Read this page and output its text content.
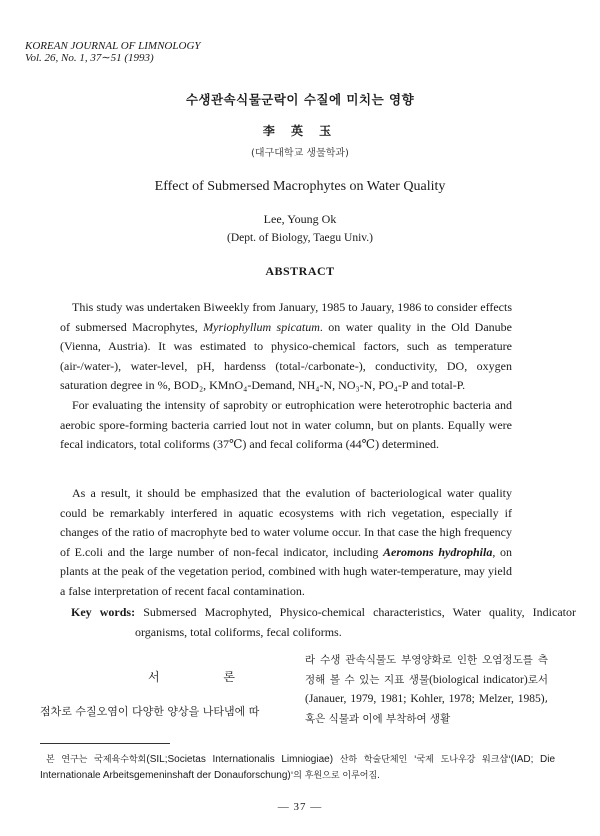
KOREAN JOURNAL OF LIMNOLOGY
Vol. 26, No. 1, 37∼51 (1993)
수생관속식물군락이 수질에 미치는 영향
李 英 玉
(대구대학교 생물학과)
Effect of Submersed Macrophytes on Water Quality
Lee, Young Ok
(Dept. of Biology, Taegu Univ.)
ABSTRACT

This study was undertaken Biweekly from January, 1985 to Jauary, 1986 to consider effects of submersed Macrophytes, Myriophyllum spicatum. on water quality in the Old Danube (Vienna, Austria). It was estimated to physico-chemical factors, such as temperature (air-/water-), water-level, pH, hardenss (total-/carbonate-), conductivity, DO, oxygen saturation degree in %, BOD₂, KMnO₄-Demand, NH₄-N, NO₃-N, PO₄-P and total-P.

For evaluating the intensity of saprobity or eutrophication were heterotrophic bacteria and aerobic spore-forming bacteria carried lout not in water column, but on plants. Equally were fecal indicators, total coliforms (37℃) and fecal coliforma (44℃) determined.

As a result, it should be emphasized that the evalution of bacteriological water quality could be remarkably interfered in aquatic ecosystems with rich vegetation, especially if changes of the ratio of macrophyte bed to water volume occur. In that case the high frequency of E.coli and the large number of non-fecal indicator, including Aeromons hydrophila, on plants at the peak of the vegetation period, combined with hugh water-temperature, may yield a false interpretation of recent facal contamination.

Key words: Submersed Macrophyted, Physico-chemical characteristics, Water quality, Indicator organisms, total coliforms, fecal coliforms.
서 론
점차로 수질오염이 다양한 양상을 나타냄에 따
라 수생 관속식물도 부영양화로 인한 오염정도를 측정해 볼 수 있는 지표 생물(biological indicator)로서 (Janauer, 1979, 1981; Kohler, 1978; Melzer, 1985), 혹은 식물과 이에 부착하여 생활
본 연구는 국제육수학회(SIL;Societas Internationalis Limniogiae) 산하 학술단체인 '국제 도나우강 워크샵'(IAD; Die Internationale Arbeitsgemeninshaft der Donauforschung)'의 후원으로 이루어짐.
— 37 —
